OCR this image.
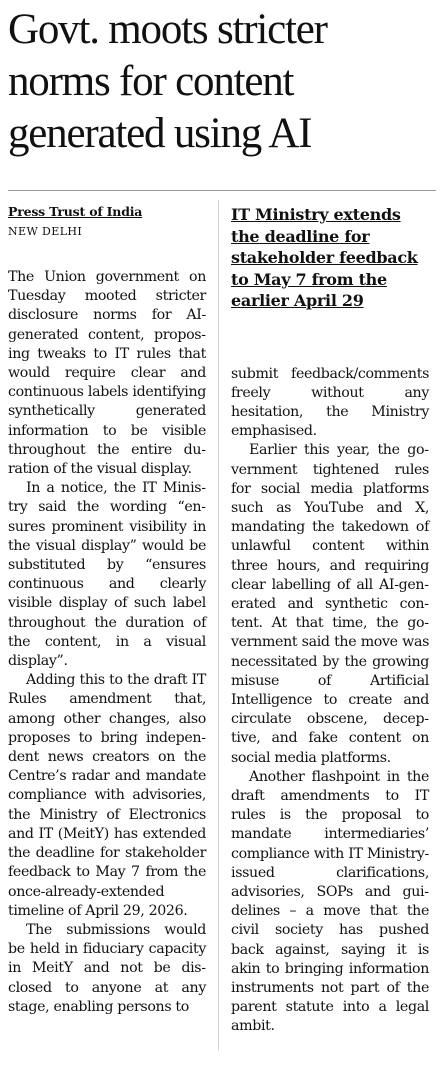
Govt. moots stricter
norms for content
generated using AI

Press Trust of India

NEW DELHI

The Union government on Tuesday mooted stricter disclosure norms for AI-generated content, proposing tweaks to IT rules that would require clear and continuous labels identifying synthetically generated information to be visible throughout the entire duration of the visual display.

In a notice, the IT Ministry said the wording “ensures prominent visibility in the visual display” would be substituted by “ensures continuous and clearly visible display of such label throughout the duration of the content, in a visual display”.

Adding this to the draft IT Rules amendment that, among other changes, also proposes to bring independent news creators on the Centre’s radar and mandate compliance with advisories, the Ministry of Electronics and IT (MeitY) has extended the deadline for stakeholder feedback to May 7 from the once-already-extended timeline of April 29, 2026.

The submissions would be held in fiduciary capacity in MeitY and not be disclosed to anyone at any stage, enabling persons to

IT Ministry extends the deadline for stakeholder feedback to May 7 from the earlier April 29

submit feedback/comments freely without any hesitation, the Ministry emphasised.

Earlier this year, the government tightened rules for social media platforms such as YouTube and X, mandating the takedown of unlawful content within three hours, and requiring clear labelling of all AI-generated and synthetic content. At that time, the government said the move was necessitated by the growing misuse of Artificial Intelligence to create and circulate obscene, deceptive, and fake content on social media platforms.

Another flashpoint in the draft amendments to IT rules is the proposal to mandate intermediaries’ compliance with IT Ministry-issued clarifications, advisories, SOPs and guidelines – a move that the civil society has pushed back against, saying it is akin to bringing information instruments not part of the parent statute into a legal ambit.
